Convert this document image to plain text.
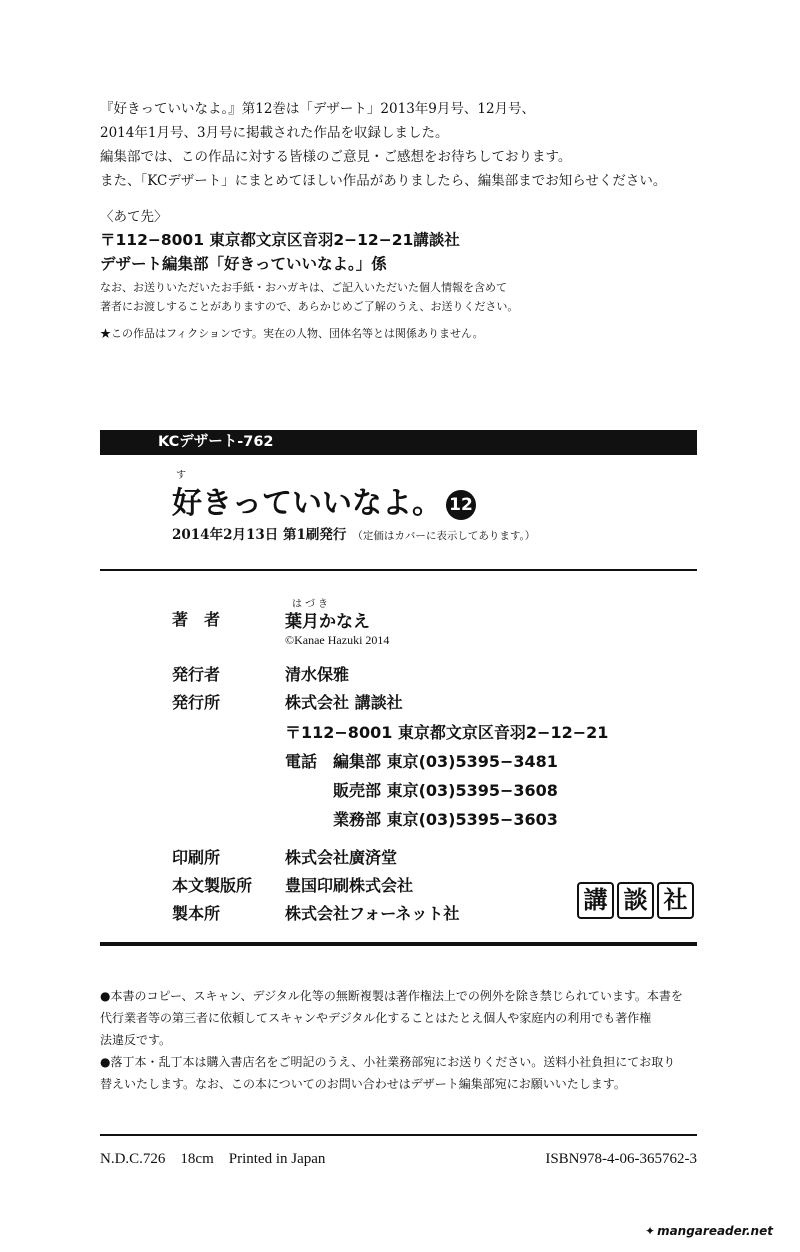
『好きっていいなよ。』第12巻は「デザート」2013年9月号、12月号、
2014年1月号、3月号に掲載された作品を収録しました。
編集部では、この作品に対する皆様のご意見・ご感想をお待ちしております。
また、「KCデザート」にまとめてほしい作品がありましたら、編集部までお知らせください。
〈あて先〉
〒112−8001 東京都文京区音羽2−12−21講談社
デザート編集部「好きっていいなよ。」係
なお、お送りいただいたお手紙・おハガキは、ご記入いただいた個人情報を含めて
著者にお渡しすることがありますので、あらかじめご了解のうえ、お送りください。
★この作品はフィクションです。実在の人物、団体名等とは関係ありません。
KCデザート-762
す
好きっていいなよ。 12
2014年2月13日 第1刷発行 （定価はカバーに表示してあります。）
はづき
著　者	葉月かなえ
©Kanae Hazuki 2014
発行者	清水保雅
発行所	株式会社 講談社
〒112−8001 東京都文京区音羽2−12−21
電話 編集部 東京(03)5395−3481
販売部 東京(03)5395−3608
業務部 東京(03)5395−3603
印刷所	株式会社廣済堂
本文製版所 豊国印刷株式会社
製本所	株式会社フォーネット社	講 談 社
●本書のコピー、スキャン、デジタル化等の無断複製は著作権法上での例外を除き禁じられています。本書を
代行業者等の第三者に依頼してスキャンやデジタル化することはたとえ個人や家庭内の利用でも著作権
法違反です。
●落丁本・乱丁本は購入書店名をご明記のうえ、小社業務部宛にお送りください。送料小社負担にてお取り
替えいたします。なお、この本についてのお問い合わせはデザート編集部宛にお願いいたします。
N.D.C.726    18cm    Printed in Japan	ISBN978-4-06-365762-3
✦ mangareader.net
